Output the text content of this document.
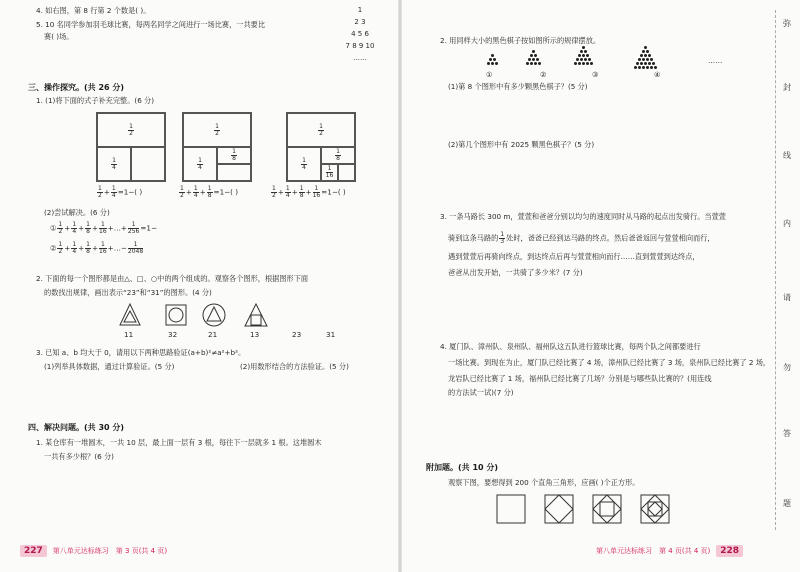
4. 如右图，第 8 行第 2 个数是( )。
5. 10 名同学参加羽毛球比赛，每两名同学之间进行一场比赛，一共要比
赛( )场。
1
2 3
4 5 6
7 8 9 10
……
三、操作探究。(共 26 分)
1. (1)将下面的式子补充完整。(6 分)
$\frac{1}{2}$
$\frac{1}{4}$
$\frac{1}{2}$
$\frac{1}{4}$
$\frac{1}{8}$
$\frac{1}{2}$
$\frac{1}{4}$
$\frac{1}{8}$
$\frac{1}{16}$
$\frac{1}{2} + \frac{1}{4} =1-$( )	$\frac{1}{2} + \frac{1}{4} + \frac{1}{8} =1-$( )	$\frac{1}{2} + \frac{1}{4} + \frac{1}{8} + \frac{1}{16} =1-$( )
(2)尝试解决。(6 分)
① $\frac{1}{2} + \frac{1}{4} + \frac{1}{8} + \frac{1}{16}$ +…+ $\frac{1}{256} =1-$
② $\frac{1}{2} + \frac{1}{4} + \frac{1}{8} + \frac{1}{16}$ +…− $\frac{1}{2048}$
2. 下面的每一个图形都是由△、□、○中的两个组成的。观察各个图形，根据图形下面
的数找出规律，画出表示“23”和“31”的图形。(4 分)
11	32	21	13	23	31
3. 已知 a、b 均大于 0，请用以下两种思路验证(a+b)²≠a²+b²。
(1)列举具体数据，通过计算验证。(5 分)	(2)用数形结合的方法验证。(5 分)
四、解决问题。(共 30 分)
1. 某仓库有一堆圆木，一共 10 层，最上面一层有 3 根，每往下一层就多 1 根。这堆圆木
一共有多少根？(6 分)
227	第八单元达标练习　第 3 页(共 4 页)
2. 用同样大小的黑色棋子按如图所示的规律摆放。
①	②	③	④
……
(1)第 8 个图形中有多少颗黑色棋子？(5 分)
(2)第几个图形中有 2025 颗黑色棋子？(5 分)
3. 一条马路长 300 m，萱萱和爸爸分别以均匀的速度同时从马路的起点出发骑行。当萱萱
骑到这条马路的 $\frac{1}{3}$ 处时，爸爸已经到达马路的终点。然后爸爸返回与萱萱相向而行，
遇到萱萱后再骑向终点，到达终点后再与萱萱相向而行……直到萱萱到达终点，
爸爸从出发开始，一共骑了多少米？(7 分)
4. 厦门队、漳州队、泉州队、福州队这五队进行篮球比赛，每两个队之间都要进行
一场比赛。到现在为止，厦门队已经比赛了 4 场，漳州队已经比赛了 3 场，泉州队已经比赛了 2 场，
龙岩队已经比赛了 1 场，福州队已经比赛了几场？分别是与哪些队比赛的？(用连线
的方法试一试)(7 分)
附加题。(共 10 分)
观察下图，要想得到 200 个直角三角形，应画( )个正方形。
第八单元达标练习　第 4 页(共 4 页)	228
弥
封
线
内
请
勿
答
题
